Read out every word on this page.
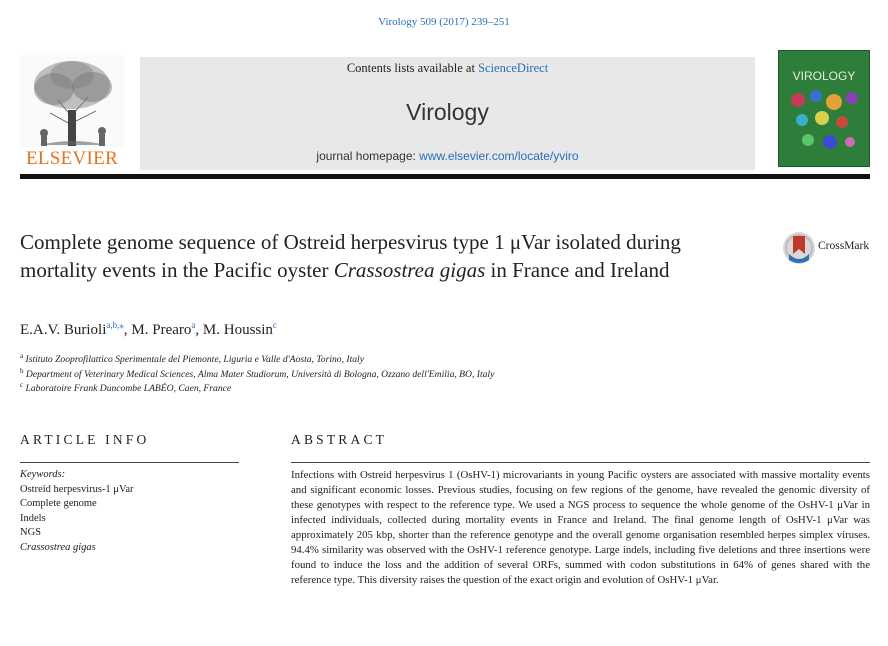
Virology 509 (2017) 239–251
ELSEVIER
Contents lists available at ScienceDirect
Virology
journal homepage: www.elsevier.com/locate/yviro
VIROLOGY
Complete genome sequence of Ostreid herpesvirus type 1 μVar isolated during mortality events in the Pacific oyster Crassostrea gigas in France and Ireland
CrossMark
E.A.V. Burioli$^{a,b,⁎}$, M. Prearo$^a$, M. Houssin$^c$
$^a$ Istituto Zooprofilattico Sperimentale del Piemonte, Liguria e Valle d'Aosta, Torino, Italy
$^b$ Department of Veterinary Medical Sciences, Alma Mater Studiorum, Università di Bologna, Ozzano dell'Emilia, BO, Italy
$^c$ Laboratoire Frank Duncombe LABÉO, Caen, France
ARTICLE INFO
Keywords:
Ostreid herpesvirus-1 μVar
Complete genome
Indels
NGS
Crassostrea gigas
ABSTRACT
Infections with Ostreid herpesvirus 1 (OsHV-1) microvariants in young Pacific oysters are associated with massive mortality events and significant economic losses. Previous studies, focusing on few regions of the genome, have revealed the genomic diversity of these genotypes with respect to the reference type. We used a NGS process to sequence the whole genome of the OsHV-1 μVar in infected individuals, collected during mortality events in France and Ireland. The final genome length of OsHV-1 μVar was approximately 205 kbp, shorter than the reference genotype and the overall genome organisation resembled herpes simplex viruses. 94.4% similarity was observed with the OsHV-1 reference genotype. Large indels, including five deletions and three insertions were found to induce the loss and the addition of several ORFs, summed with codon substitutions in 64% of genes shared with the reference type. This diversity raises the question of the exact origin and evolution of OsHV-1 μVar.
